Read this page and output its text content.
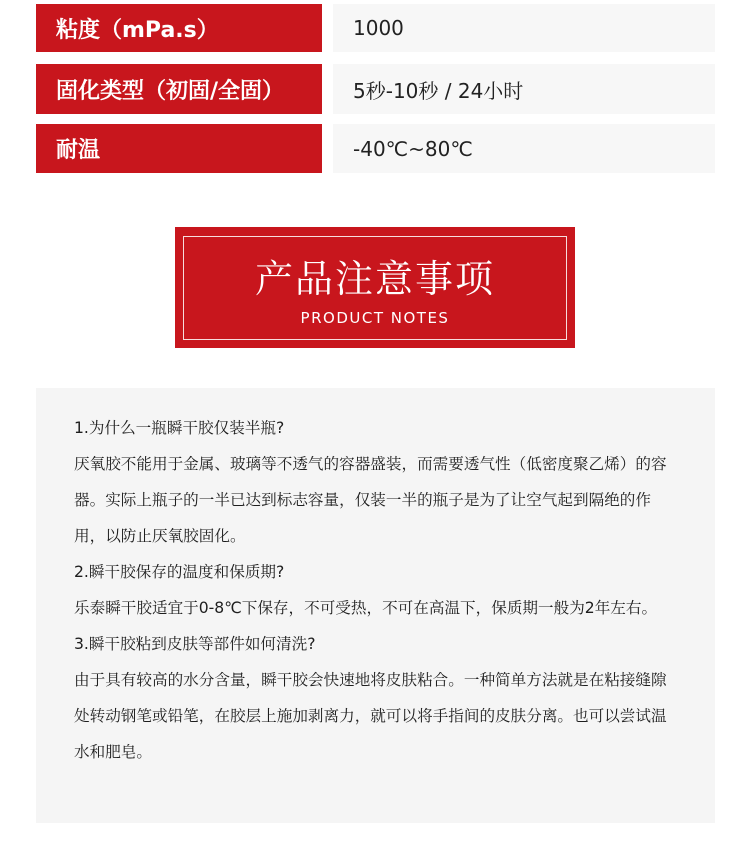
粘度（mPa.s）	1000
固化类型（初固/全固）	5秒-10秒 / 24小时
耐温	-40℃~80℃
产品注意事项
PRODUCT NOTES

1.为什么一瓶瞬干胶仅装半瓶?

厌氧胶不能用于金属、玻璃等不透气的容器盛装，而需要透气性（低密度聚乙烯）的容器。实际上瓶子的一半已达到标志容量，仅装一半的瓶子是为了让空气起到隔绝的作用，以防止厌氧胶固化。

2.瞬干胶保存的温度和保质期?

乐泰瞬干胶适宜于0-8℃下保存，不可受热，不可在高温下，保质期一般为2年左右。

3.瞬干胶粘到皮肤等部件如何清洗?

由于具有较高的水分含量，瞬干胶会快速地将皮肤粘合。一种简单方法就是在粘接缝隙处转动钢笔或铅笔，在胶层上施加剥离力，就可以将手指间的皮肤分离。也可以尝试温水和肥皂。
